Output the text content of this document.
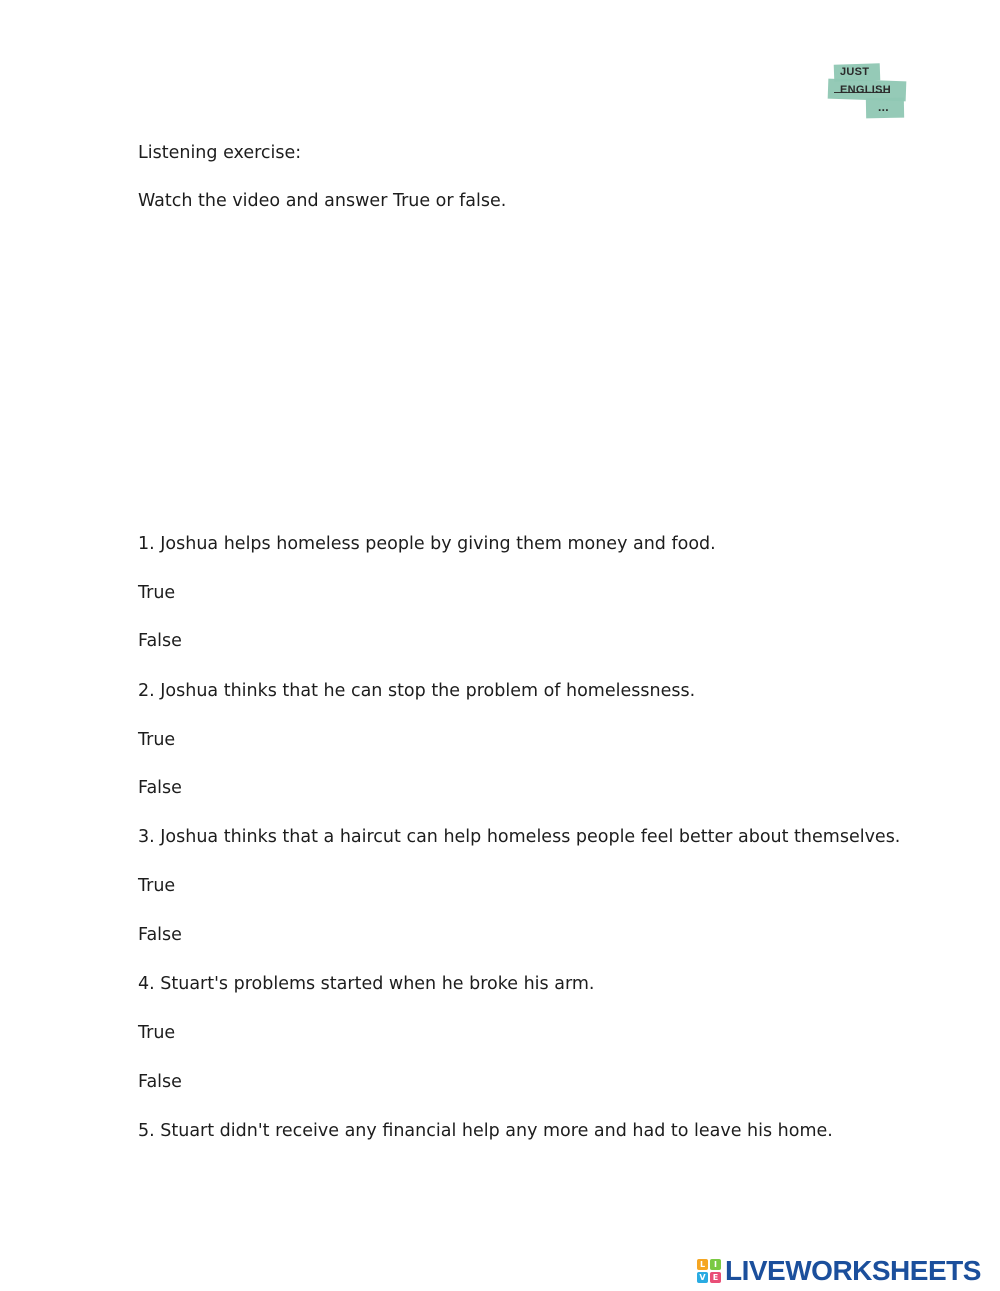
JUST
ENGLISH
...
Listening exercise:
Watch the video and answer True or false.
1. Joshua helps homeless people by giving them money and food.
True
False
2. Joshua thinks that he can stop the problem of homelessness.
True
False
3. Joshua thinks that a haircut can help homeless people feel better about themselves.
True
False
4. Stuart's problems started when he broke his arm.
True
False
5. Stuart didn't receive any financial help any more and had to leave his home.
L	I
V E LIVEWORKSHEETS
